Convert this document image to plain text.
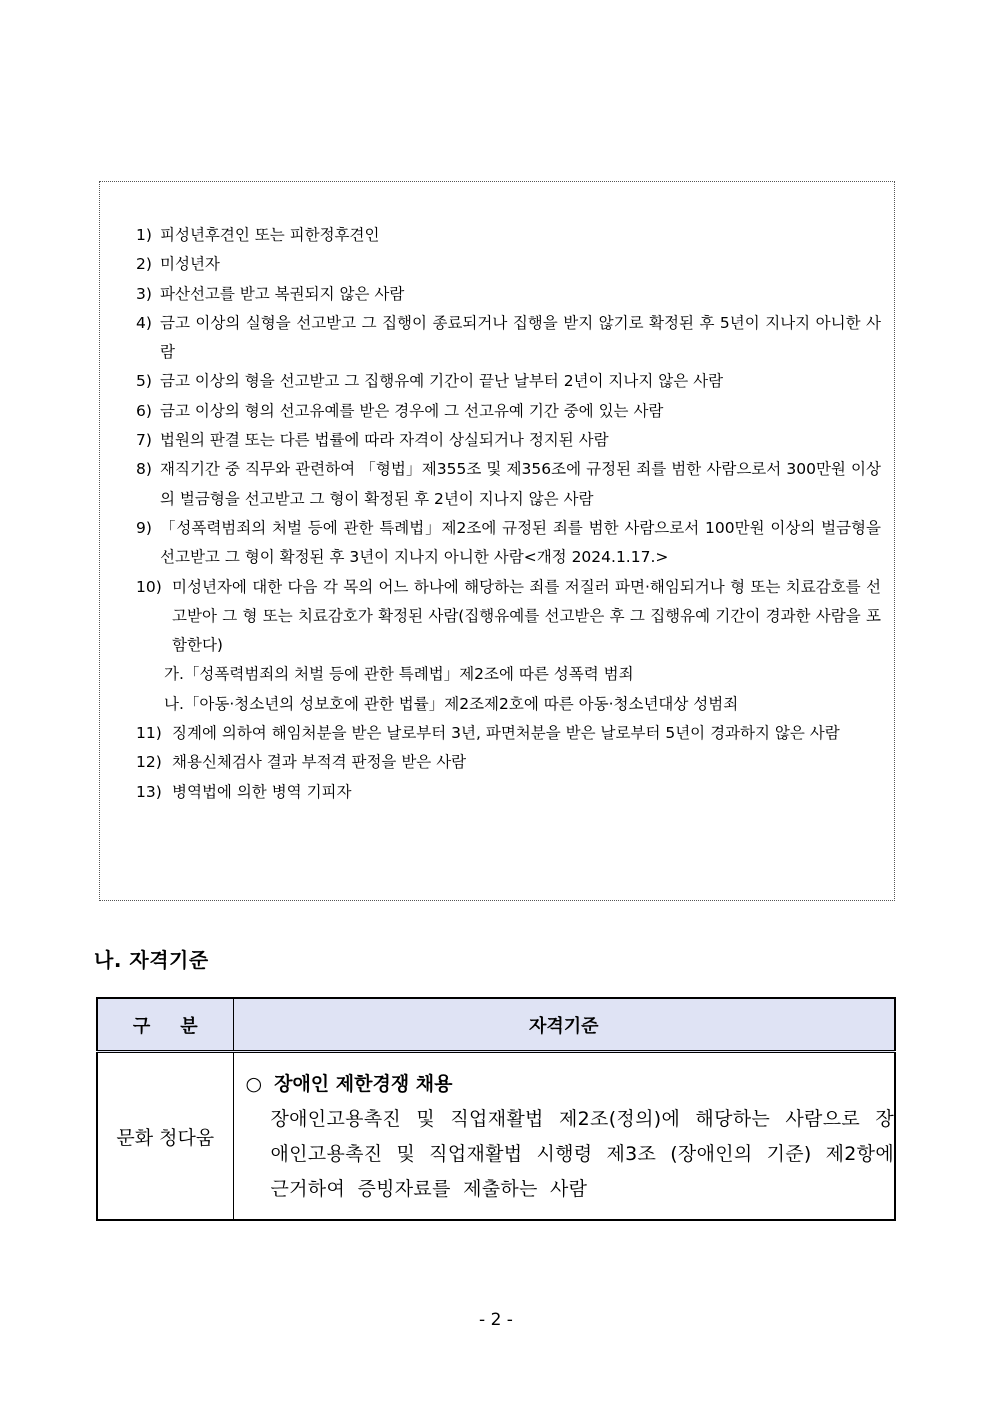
1) 피성년후견인 또는 피한정후견인
2) 미성년자
3) 파산선고를 받고 복권되지 않은 사람
4) 금고 이상의 실형을 선고받고 그 집행이 종료되거나 집행을 받지 않기로 확정된 후 5년이 지나지 아니한 사람
5) 금고 이상의 형을 선고받고 그 집행유예 기간이 끝난 날부터 2년이 지나지 않은 사람
6) 금고 이상의 형의 선고유예를 받은 경우에 그 선고유예 기간 중에 있는 사람
7) 법원의 판결 또는 다른 법률에 따라 자격이 상실되거나 정지된 사람
8) 재직기간 중 직무와 관련하여 「형법」제355조 및 제356조에 규정된 죄를 범한 사람으로서 300만원 이상의 벌금형을 선고받고 그 형이 확정된 후 2년이 지나지 않은 사람
9) 「성폭력범죄의 처벌 등에 관한 특례법」제2조에 규정된 죄를 범한 사람으로서 100만원 이상의 벌금형을 선고받고 그 형이 확정된 후 3년이 지나지 아니한 사람<개정 2024.1.17.>
10) 미성년자에 대한 다음 각 목의 어느 하나에 해당하는 죄를 저질러 파면·해임되거나 형 또는 치료감호를 선고받아 그 형 또는 치료감호가 확정된 사람(집행유예를 선고받은 후 그 집행유예 기간이 경과한 사람을 포함한다)
가.「성폭력범죄의 처벌 등에 관한 특례법」제2조에 따른 성폭력 범죄
나.「아동·청소년의 성보호에 관한 법률」제2조제2호에 따른 아동·청소년대상 성범죄
11) 징계에 의하여 해임처분을 받은 날로부터 3년, 파면처분을 받은 날로부터 5년이 경과하지 않은 사람
12) 채용신체검사 결과 부적격 판정을 받은 사람
13) 병역법에 의한 병역 기피자
나. 자격기준
구분	자격기준
문화 청다움	○ 장애인 제한경쟁 채용
장애인고용촉진 및 직업재활법 제2조(정의)에 해당하는 사람으로 장애인고용촉진 및 직업재활법 시행령 제3조 (장애인의 기준) 제2항에 근거하여 증빙자료를 제출하는 사람
- 2 -
